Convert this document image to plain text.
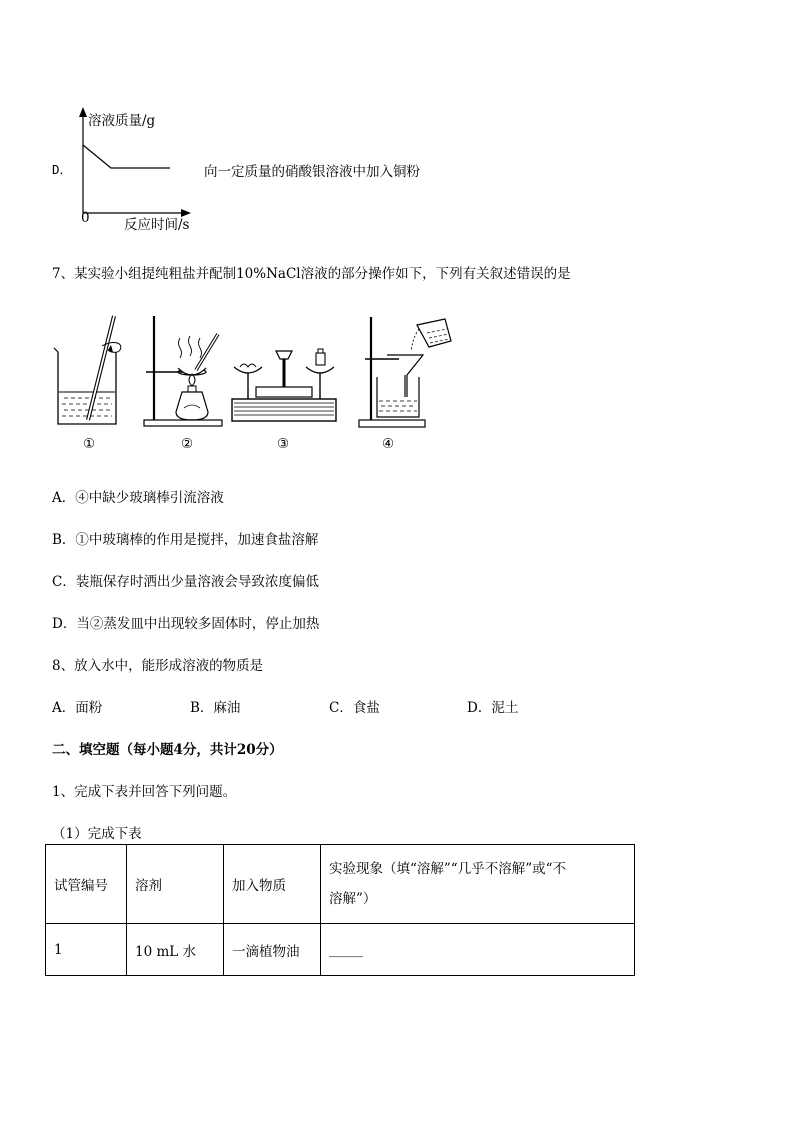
D．
溶液质量/g
0	反应时间/s
向一定质量的硝酸银溶液中加入铜粉
7、某实验小组提纯粗盐并配制10%NaCl溶液的部分操作如下，下列有关叙述错误的是
①	②	③	④
A．④中缺少玻璃棒引流溶液
B．①中玻璃棒的作用是搅拌，加速食盐溶解
C．装瓶保存时洒出少量溶液会导致浓度偏低
D．当②蒸发皿中出现较多固体时，停止加热
8、放入水中，能形成溶液的物质是
A．面粉	B．麻油	C．食盐	D．泥土
二、填空题（每小题4分，共计20分）
1、完成下表并回答下列问题。
（1）完成下表
试管编号	溶剂	加入物质	实验现象（填“溶解”“几乎不溶解”或“不
溶解”）

1	10 mL 水	一滴植物油	_____
